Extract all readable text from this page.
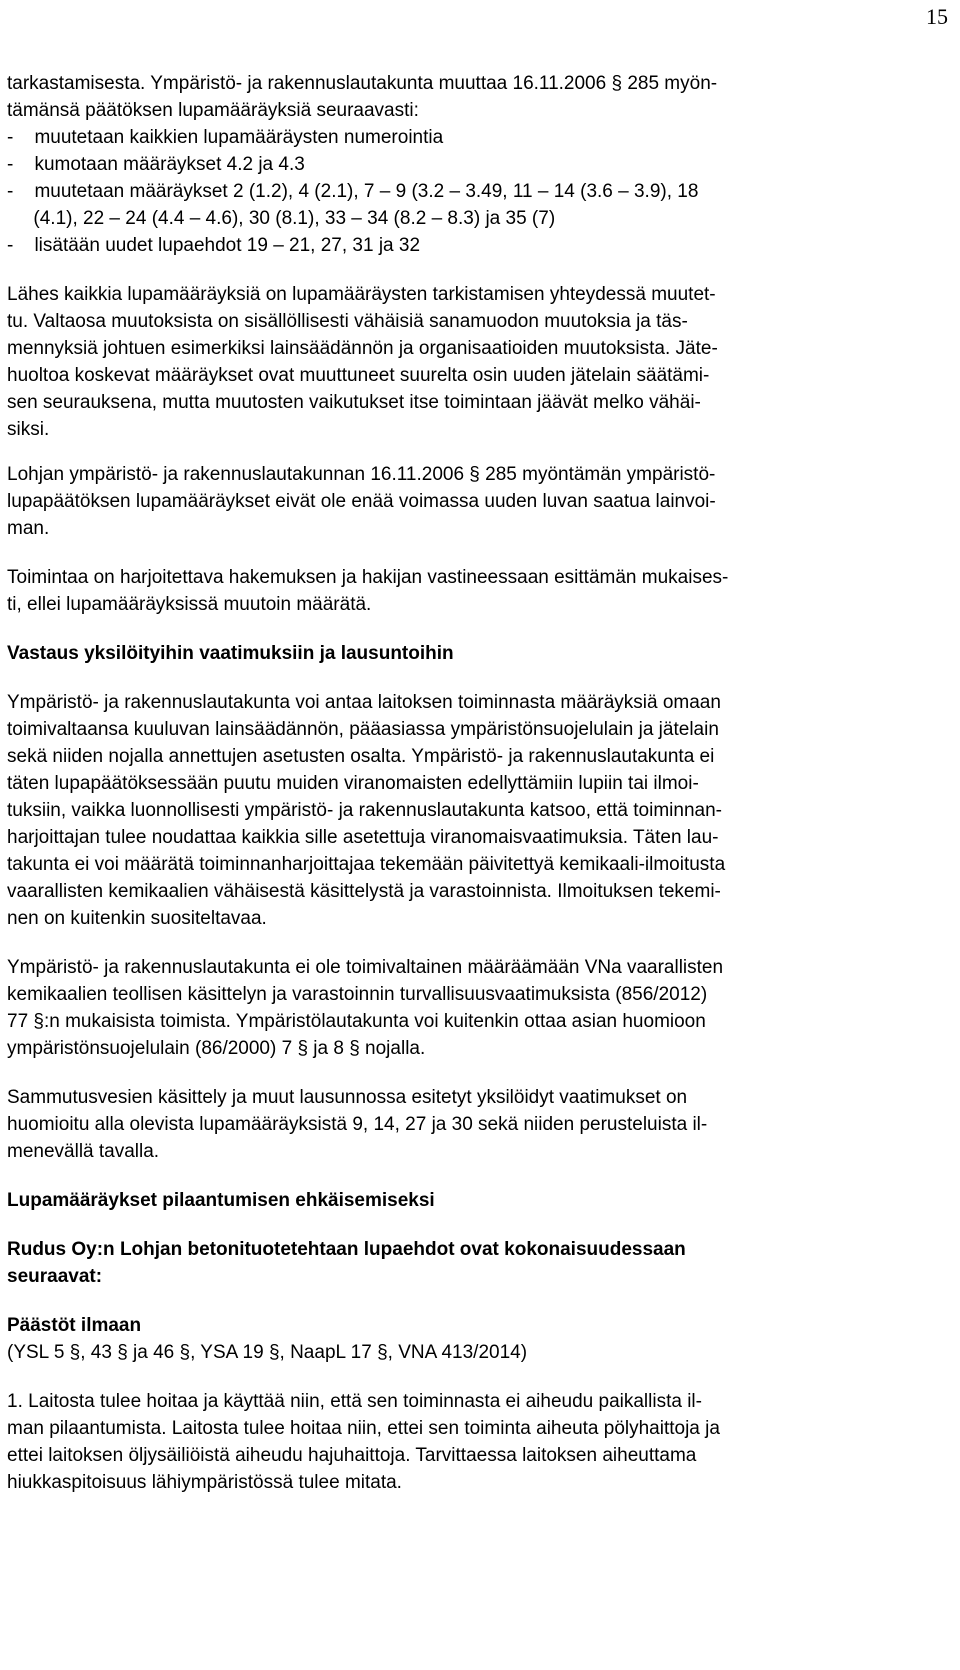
15
tarkastamisesta. Ympäristö- ja rakennuslautakunta muuttaa 16.11.2006 § 285 myön-
tämänsä päätöksen lupamääräyksiä seuraavasti:
-    muutetaan kaikkien lupamääräysten numerointia
-    kumotaan määräykset 4.2 ja 4.3
-    muutetaan määräykset 2 (1.2), 4 (2.1), 7 – 9 (3.2 – 3.49, 11 – 14 (3.6 – 3.9), 18
(4.1), 22 – 24 (4.4 – 4.6), 30 (8.1), 33 – 34 (8.2 – 8.3) ja 35 (7)
-    lisätään uudet lupaehdot 19 – 21, 27, 31 ja 32
Lähes kaikkia lupamääräyksiä on lupamääräysten tarkistamisen yhteydessä muutet-
tu. Valtaosa muutoksista on sisällöllisesti vähäisiä sanamuodon muutoksia ja täs-
mennyksiä johtuen esimerkiksi lainsäädännön ja organisaatioiden muutoksista. Jäte-
huoltoa koskevat määräykset ovat muuttuneet suurelta osin uuden jätelain säätämi-
sen seurauksena, mutta muutosten vaikutukset itse toimintaan jäävät melko vähäi-
siksi.
Lohjan ympäristö- ja rakennuslautakunnan 16.11.2006 § 285 myöntämän ympäristö-
lupapäätöksen lupamääräykset eivät ole enää voimassa uuden luvan saatua lainvoi-
man.
Toimintaa on harjoitettava hakemuksen ja hakijan vastineessaan esittämän mukaises-
ti, ellei lupamääräyksissä muutoin määrätä.
Vastaus yksilöityihin vaatimuksiin ja lausuntoihin
Ympäristö- ja rakennuslautakunta voi antaa laitoksen toiminnasta määräyksiä omaan
toimivaltaansa kuuluvan lainsäädännön, pääasiassa ympäristönsuojelulain ja jätelain
sekä niiden nojalla annettujen asetusten osalta. Ympäristö- ja rakennuslautakunta ei
täten lupapäätöksessään puutu muiden viranomaisten edellyttämiin lupiin tai ilmoi-
tuksiin, vaikka luonnollisesti ympäristö- ja rakennuslautakunta katsoo, että toiminnan-
harjoittajan tulee noudattaa kaikkia sille asetettuja viranomaisvaatimuksia. Täten lau-
takunta ei voi määrätä toiminnanharjoittajaa tekemään päivitettyä kemikaali-ilmoitusta
vaarallisten kemikaalien vähäisestä käsittelystä ja varastoinnista. Ilmoituksen tekemi-
nen on kuitenkin suositeltavaa.
Ympäristö- ja rakennuslautakunta ei ole toimivaltainen määräämään VNa vaarallisten
kemikaalien teollisen käsittelyn ja varastoinnin turvallisuusvaatimuksista (856/2012)
77 §:n mukaisista toimista. Ympäristölautakunta voi kuitenkin ottaa asian huomioon
ympäristönsuojelulain (86/2000) 7 § ja 8 § nojalla.
Sammutusvesien käsittely ja muut lausunnossa esitetyt yksilöidyt vaatimukset on
huomioitu alla olevista lupamääräyksistä 9, 14, 27 ja 30 sekä niiden perusteluista il-
menevällä tavalla.
Lupamääräykset pilaantumisen ehkäisemiseksi
Rudus Oy:n Lohjan betonituotetehtaan lupaehdot ovat kokonaisuudessaan
seuraavat:
Päästöt ilmaan
(YSL 5 §, 43 § ja 46 §, YSA 19 §, NaapL 17 §, VNA 413/2014)
1. Laitosta tulee hoitaa ja käyttää niin, että sen toiminnasta ei aiheudu paikallista il-
man pilaantumista. Laitosta tulee hoitaa niin, ettei sen toiminta aiheuta pölyhaittoja ja
ettei laitoksen öljysäiliöistä aiheudu hajuhaittoja. Tarvittaessa laitoksen aiheuttama
hiukkaspitoisuus lähiympäristössä tulee mitata.
